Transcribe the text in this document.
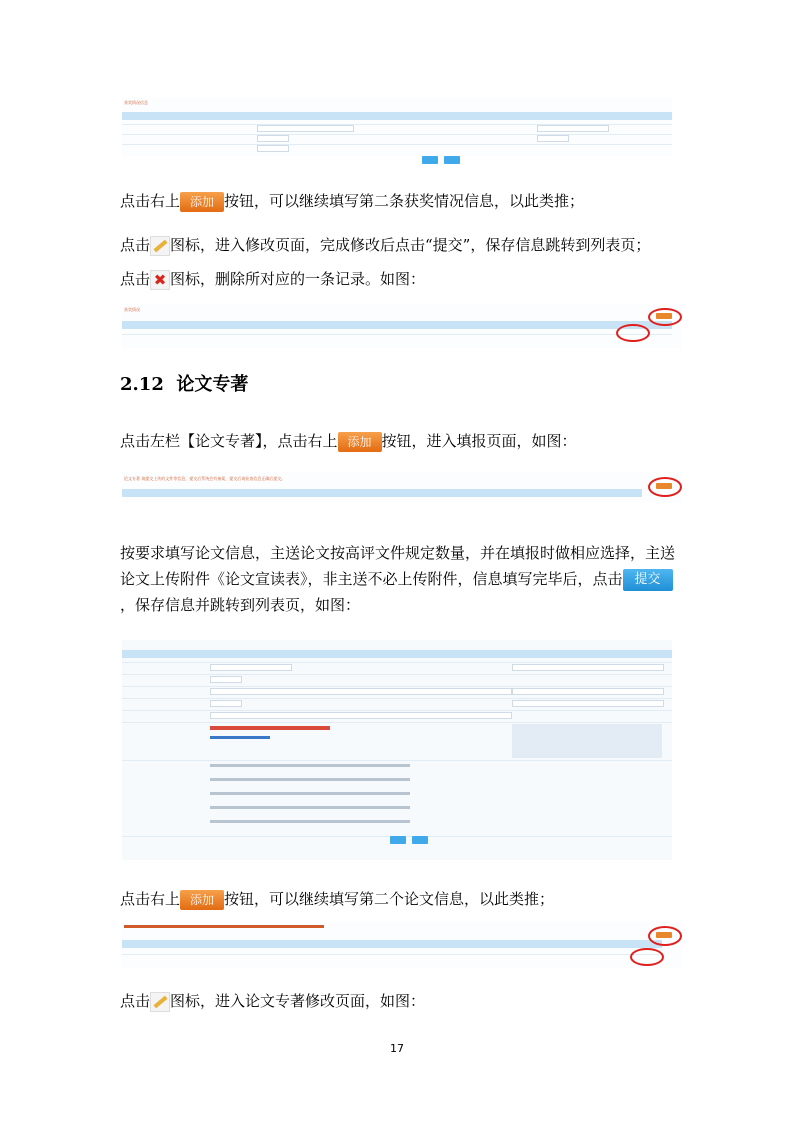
获奖情况信息
点击右上 添加 按钮，可以继续填写第二条获奖情况信息，以此类推；
点击 图标，进入修改页面，完成修改后点击“提交”，保存信息跳转到列表页；
点击 ✖ 图标，删除所对应的一条记录。如图：
获奖情况
2.12 论文专著
点击左栏【论文专著】，点击右上 添加 按钮，进入填报页面，如图：
论文专著 请提交上传的文件等信息，提交后系统会有备案，提交后请检查信息正确后提交。
按要求填写论文信息，主送论文按高评文件规定数量，并在填报时做相应选择，主送论文上传附件《论文宣读表》，非主送不必上传附件，信息填写完毕后，点击 提交，保存信息并跳转到列表页，如图：
点击右上 添加 按钮，可以继续填写第二个论文信息，以此类推；
点击 图标，进入论文专著修改页面，如图：
17
